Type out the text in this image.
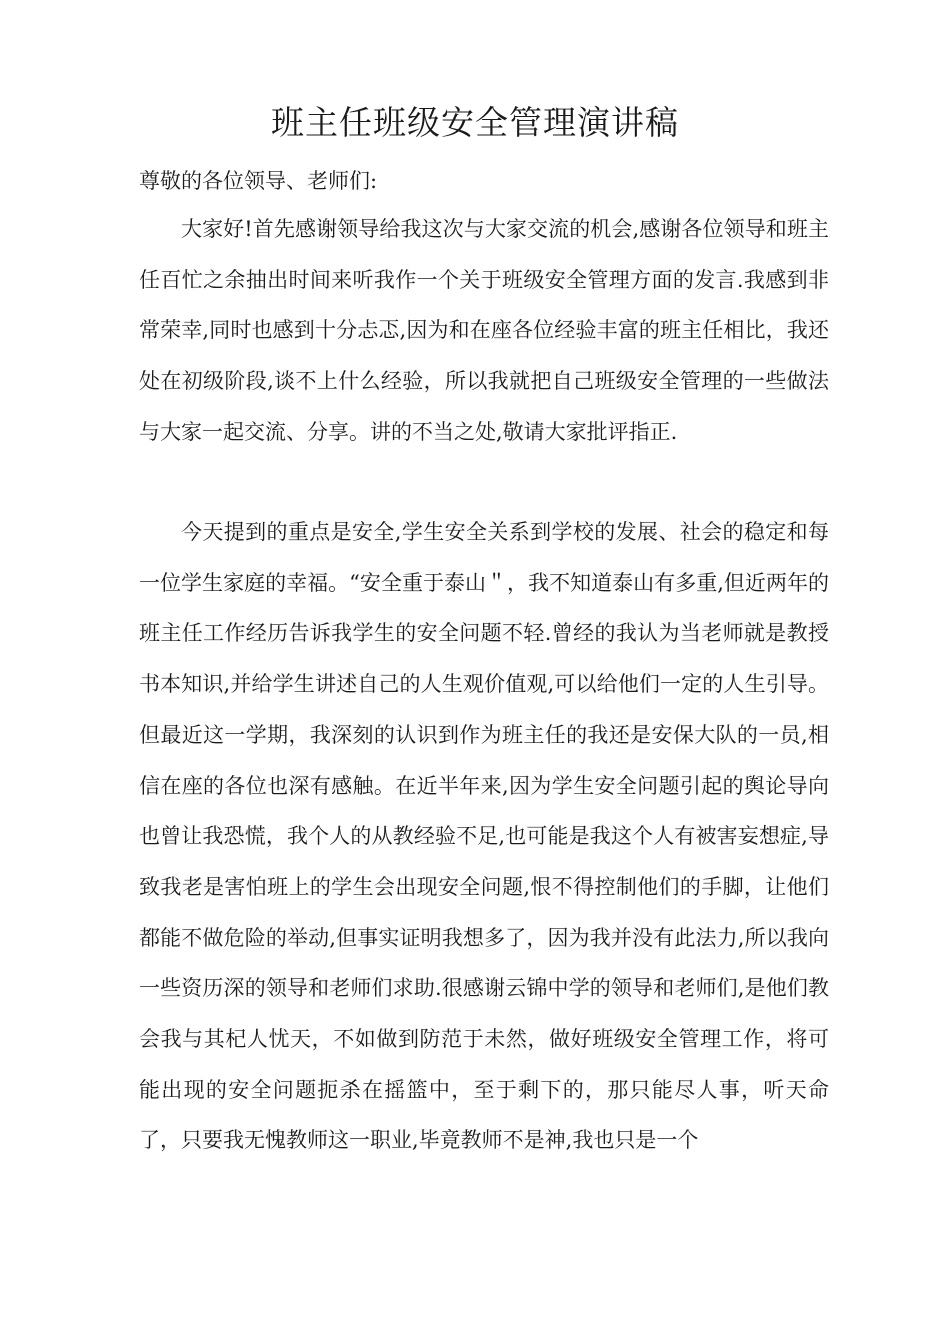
班主任班级安全管理演讲稿

尊敬的各位领导、老师们:

大家好!首先感谢领导给我这次与大家交流的机会,感谢各位领导和班主任百忙之余抽出时间来听我作一个关于班级安全管理方面的发言.我感到非常荣幸,同时也感到十分忐忑,因为和在座各位经验丰富的班主任相比，我还处在初级阶段,谈不上什么经验，所以我就把自己班级安全管理的一些做法与大家一起交流、分享。讲的不当之处,敬请大家批评指正.

今天提到的重点是安全,学生安全关系到学校的发展、社会的稳定和每一位学生家庭的幸福。“安全重于泰山＂，我不知道泰山有多重,但近两年的班主任工作经历告诉我学生的安全问题不轻.曾经的我认为当老师就是教授书本知识,并给学生讲述自己的人生观价值观,可以给他们一定的人生引导。但最近这一学期，我深刻的认识到作为班主任的我还是安保大队的一员,相信在座的各位也深有感触。在近半年来,因为学生安全问题引起的舆论导向也曾让我恐慌，我个人的从教经验不足,也可能是我这个人有被害妄想症,导致我老是害怕班上的学生会出现安全问题,恨不得控制他们的手脚，让他们都能不做危险的举动,但事实证明我想多了，因为我并没有此法力,所以我向一些资历深的领导和老师们求助.很感谢云锦中学的领导和老师们,是他们教会我与其杞人忧天，不如做到防范于未然，做好班级安全管理工作，将可能出现的安全问题扼杀在摇篮中，至于剩下的，那只能尽人事，听天命了，只要我无愧教师这一职业,毕竟教师不是神,我也只是一个
